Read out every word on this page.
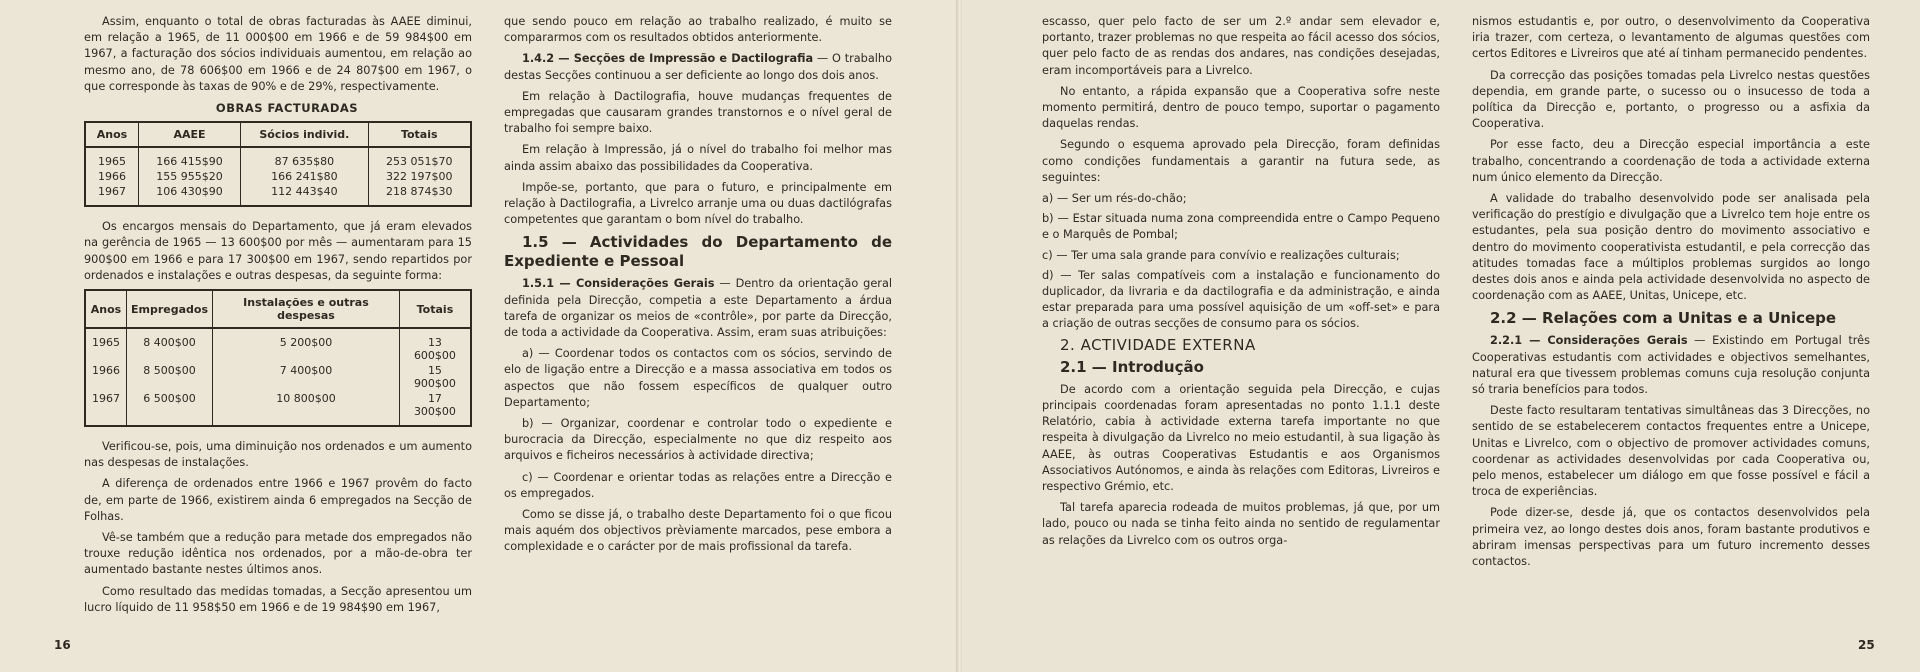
Assim, enquanto o total de obras facturadas às AAEE diminui, em relação a 1965, de 11 000$00 em 1966 e de 59 984$00 em 1967, a facturação dos sócios individuais aumentou, em relação ao mesmo ano, de 78 606$00 em 1966 e de 24 807$00 em 1967, o que corresponde às taxas de 90% e de 29%, respectivamente.

OBRAS FACTURADAS

Anos	AAEE	Sócios individ.	Totais
1965	166 415$90	87 635$80	253 051$70
1966	155 955$20	166 241$80	322 197$00
1967	106 430$90	112 443$40	218 874$30

Os encargos mensais do Departamento, que já eram elevados na gerência de 1965 — 13 600$00 por mês — aumentaram para 15 900$00 em 1966 e para 17 300$00 em 1967, sendo repartidos por ordenados e instalações e outras despesas, da seguinte forma:

Anos	Empregados	Instalações e outras despesas	Totais
1965	8 400$00	5 200$00	13 600$00
1966	8 500$00	7 400$00	15 900$00
1967	6 500$00	10 800$00	17 300$00

Verificou-se, pois, uma diminuição nos ordenados e um aumento nas despesas de instalações.

A diferença de ordenados entre 1966 e 1967 provêm do facto de, em parte de 1966, existirem ainda 6 empregados na Secção de Folhas.

Vê-se também que a redução para metade dos empregados não trouxe redução idêntica nos ordenados, por a mão-de-obra ter aumentado bastante nestes últimos anos.

Como resultado das medidas tomadas, a Secção apresentou um lucro líquido de 11 958$50 em 1966 e de 19 984$90 em 1967,

que sendo pouco em relação ao trabalho realizado, é muito se compararmos com os resultados obtidos anteriormente.

1.4.2 — Secções de Impressão e Dactilografia — O trabalho destas Secções continuou a ser deficiente ao longo dos dois anos.

Em relação à Dactilografia, houve mudanças frequentes de empregadas que causaram grandes transtornos e o nível geral de trabalho foi sempre baixo.

Em relação à Impressão, já o nível do trabalho foi melhor mas ainda assim abaixo das possibilidades da Cooperativa.

Impõe-se, portanto, que para o futuro, e principalmente em relação à Dactilografia, a Livrelco arranje uma ou duas dactilógrafas competentes que garantam o bom nível do trabalho.

1.5 — Actividades do Departamento de Expediente e Pessoal

1.5.1 — Considerações Gerais — Dentro da orientação geral definida pela Direcção, competia a este Departamento a árdua tarefa de organizar os meios de «contrôle», por parte da Direcção, de toda a actividade da Cooperativa. Assim, eram suas atribuições:

a) — Coordenar todos os contactos com os sócios, servindo de elo de ligação entre a Direcção e a massa associativa em todos os aspectos que não fossem específicos de qualquer outro Departamento;

b) — Organizar, coordenar e controlar todo o expediente e burocracia da Direcção, especialmente no que diz respeito aos arquivos e ficheiros necessários à actividade directiva;

c) — Coordenar e orientar todas as relações entre a Direcção e os empregados.

Como se disse já, o trabalho deste Departamento foi o que ficou mais aquém dos objectivos prèviamente marcados, pese embora a complexidade e o carácter por de mais profissional da tarefa.

16

escasso, quer pelo facto de ser um 2.º andar sem elevador e, portanto, trazer problemas no que respeita ao fácil acesso dos sócios, quer pelo facto de as rendas dos andares, nas condições desejadas, eram incomportáveis para a Livrelco.

No entanto, a rápida expansão que a Cooperativa sofre neste momento permitirá, dentro de pouco tempo, suportar o pagamento daquelas rendas.

Segundo o esquema aprovado pela Direcção, foram definidas como condições fundamentais a garantir na futura sede, as seguintes:

a) — Ser um rés-do-chão;

b) — Estar situada numa zona compreendida entre o Campo Pequeno e o Marquês de Pombal;

c) — Ter uma sala grande para convívio e realizações culturais;

d) — Ter salas compatíveis com a instalação e funcionamento do duplicador, da livraria e da dactilografia e da administração, e ainda estar preparada para uma possível aquisição de um «off-set» e para a criação de outras secções de consumo para os sócios.

2. ACTIVIDADE EXTERNA

2.1 — Introdução

De acordo com a orientação seguida pela Direcção, e cujas principais coordenadas foram apresentadas no ponto 1.1.1 deste Relatório, cabia à actividade externa tarefa importante no que respeita à divulgação da Livrelco no meio estudantil, à sua ligação às AAEE, às outras Cooperativas Estudantis e aos Organismos Associativos Autónomos, e ainda às relações com Editoras, Livreiros e respectivo Grémio, etc.

Tal tarefa aparecia rodeada de muitos problemas, já que, por um lado, pouco ou nada se tinha feito ainda no sentido de regulamentar as relações da Livrelco com os outros orga-

nismos estudantis e, por outro, o desenvolvimento da Cooperativa iria trazer, com certeza, o levantamento de algumas questões com certos Editores e Livreiros que até aí tinham permanecido pendentes.

Da correcção das posições tomadas pela Livrelco nestas questões dependia, em grande parte, o sucesso ou o insucesso de toda a política da Direcção e, portanto, o progresso ou a asfixia da Cooperativa.

Por esse facto, deu a Direcção especial importância a este trabalho, concentrando a coordenação de toda a actividade externa num único elemento da Direcção.

A validade do trabalho desenvolvido pode ser analisada pela verificação do prestígio e divulgação que a Livrelco tem hoje entre os estudantes, pela sua posição dentro do movimento associativo e dentro do movimento cooperativista estudantil, e pela correcção das atitudes tomadas face a múltiplos problemas surgidos ao longo destes dois anos e ainda pela actividade desenvolvida no aspecto de coordenação com as AAEE, Unitas, Unicepe, etc.

2.2 — Relações com a Unitas e a Unicepe

2.2.1 — Considerações Gerais — Existindo em Portugal três Cooperativas estudantis com actividades e objectivos semelhantes, natural era que tivessem problemas comuns cuja resolução conjunta só traria benefícios para todos.

Deste facto resultaram tentativas simultâneas das 3 Direcções, no sentido de se estabelecerem contactos frequentes entre a Unicepe, Unitas e Livrelco, com o objectivo de promover actividades comuns, coordenar as actividades desenvolvidas por cada Cooperativa ou, pelo menos, estabelecer um diálogo em que fosse possível e fácil a troca de experiências.

Pode dizer-se, desde já, que os contactos desenvolvidos pela primeira vez, ao longo destes dois anos, foram bastante produtivos e abriram imensas perspectivas para um futuro incremento desses contactos.

25
